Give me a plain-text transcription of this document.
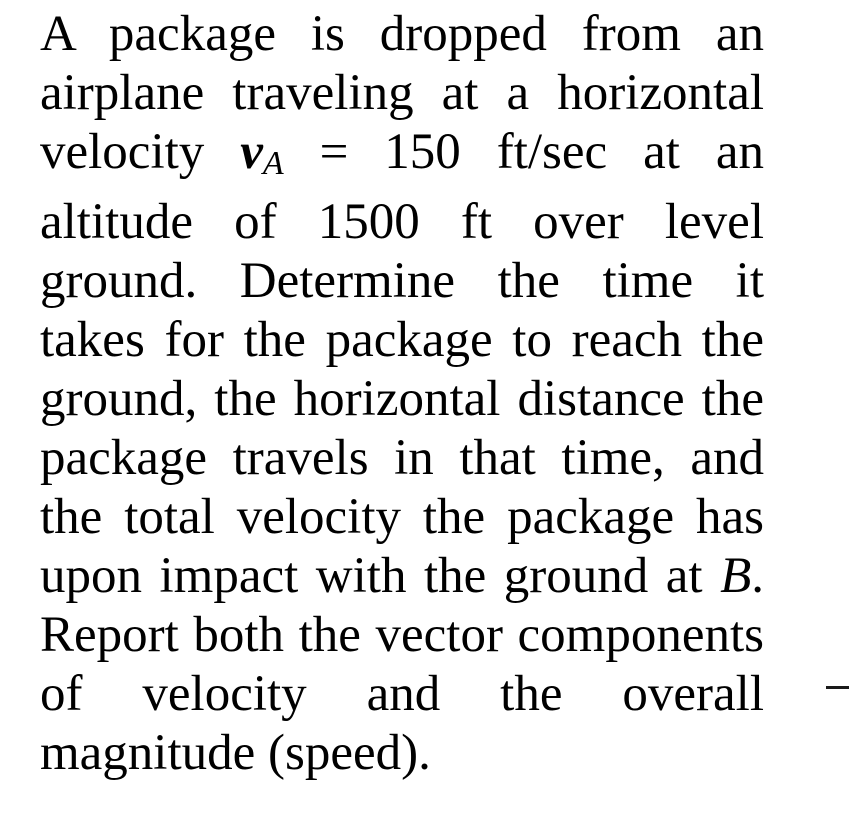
A package is dropped from an
airplane traveling at a horizontal
velocity vA = 150 ft/sec at an
altitude of 1500 ft over level
ground. Determine the time it
takes for the package to reach the
ground, the horizontal distance the
package travels in that time, and
the total velocity the package has
upon impact with the ground at B.
Report both the vector components
of velocity and the overall
magnitude (speed).
